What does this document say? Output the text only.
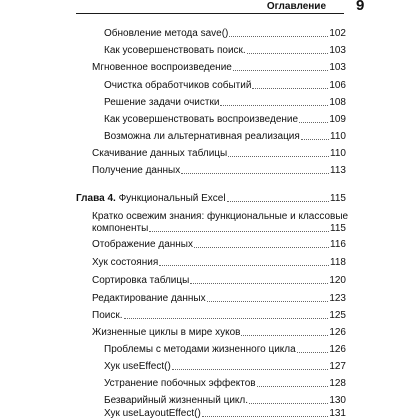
Оглавление 9
Обновление метода save()	102
Как усовершенствовать поиск.	103
Мгновенное воспроизведение	103
Очистка обработчиков событий	106
Решение задачи очистки	108
Как усовершенствовать воспроизведение	109
Возможна ли альтернативная реализация	110
Скачивание данных таблицы	110
Получение данных	113
Глава 4. Функциональный Excel	115
Кратко освежим знания: функциональные и классовые
компоненты	115
Отображение данных	116
Хук состояния	118
Сортировка таблицы	120
Редактирование данных	123
Поиск.	125
Жизненные циклы в мире хуков	126
Проблемы с методами жизненного цикла	126
Хук useEffect()	127
Устранение побочных эффектов	128
Безварийный жизненный цикл.	130
Хук useLayoutEffect()	131
